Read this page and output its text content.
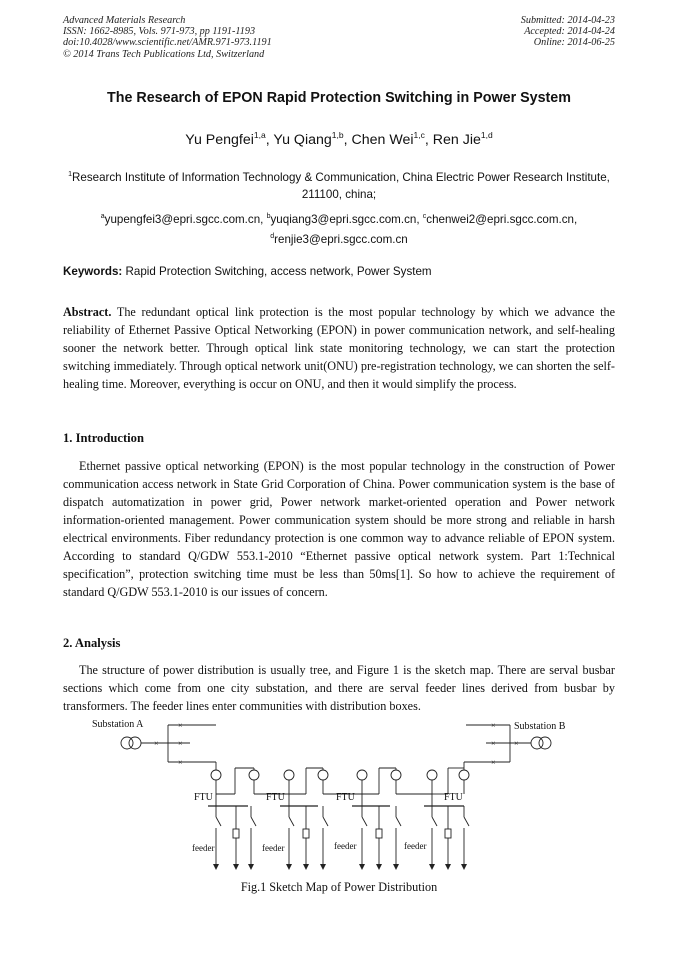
Advanced Materials Research
ISSN: 1662-8985, Vols. 971-973, pp 1191-1193
doi:10.4028/www.scientific.net/AMR.971-973.1191
© 2014 Trans Tech Publications Ltd, Switzerland
Submitted: 2014-04-23
Accepted: 2014-04-24
Online: 2014-06-25
The Research of EPON Rapid Protection Switching in Power System
Yu Pengfei$^{1,a}$, Yu Qiang$^{1,b}$, Chen Wei$^{1,c}$, Ren Jie$^{1,d}$
$^1$Research Institute of Information Technology & Communication, China Electric Power Research Institute, 211100, china;
$^a$yupengfei3@epri.sgcc.com.cn, $^b$yuqiang3@epri.sgcc.com.cn, $^c$chenwei2@epri.sgcc.com.cn,
$^d$renjie3@epri.sgcc.com.cn
Keywords: Rapid Protection Switching, access network, Power System
Abstract. The redundant optical link protection is the most popular technology by which we advance the reliability of Ethernet Passive Optical Networking (EPON) in power communication network, and self-healing sooner the network better. Through optical link state monitoring technology, we can start the protection switching immediately. Through optical network unit(ONU) pre-registration technology, we can shorten the self-healing time. Moreover, everything is occur on ONU, and then it would simplify the process.
1. Introduction
Ethernet passive optical networking (EPON) is the most popular technology in the construction of Power communication access network in State Grid Corporation of China. Power communication system is the base of dispatch automatization in power grid, Power network market-oriented operation and Power network information-oriented management. Power communication system should be more strong and reliable in harsh electrical environments. Fiber redundancy protection is one common way to advance reliable of EPON system. According to standard Q/GDW 553.1-2010 “Ethernet passive optical network system. Part 1:Technical specification”, protection switching time must be less than 50ms[1]. So how to achieve the requirement of standard Q/GDW 553.1-2010 is our issues of concern.
2. Analysis
The structure of power distribution is usually tree, and Figure 1 is the sketch map. There are serval busbar sections which come from one city substation, and there are serval feeder lines derived from busbar by transformers. The feeder lines enter communities with distribution boxes.
×
×
×
×
×
×
×
×
Substation A	Substation B
FTU	FTU	FTU	FTU
feeder	feeder	feeder	feeder
Fig.1 Sketch Map of Power Distribution
